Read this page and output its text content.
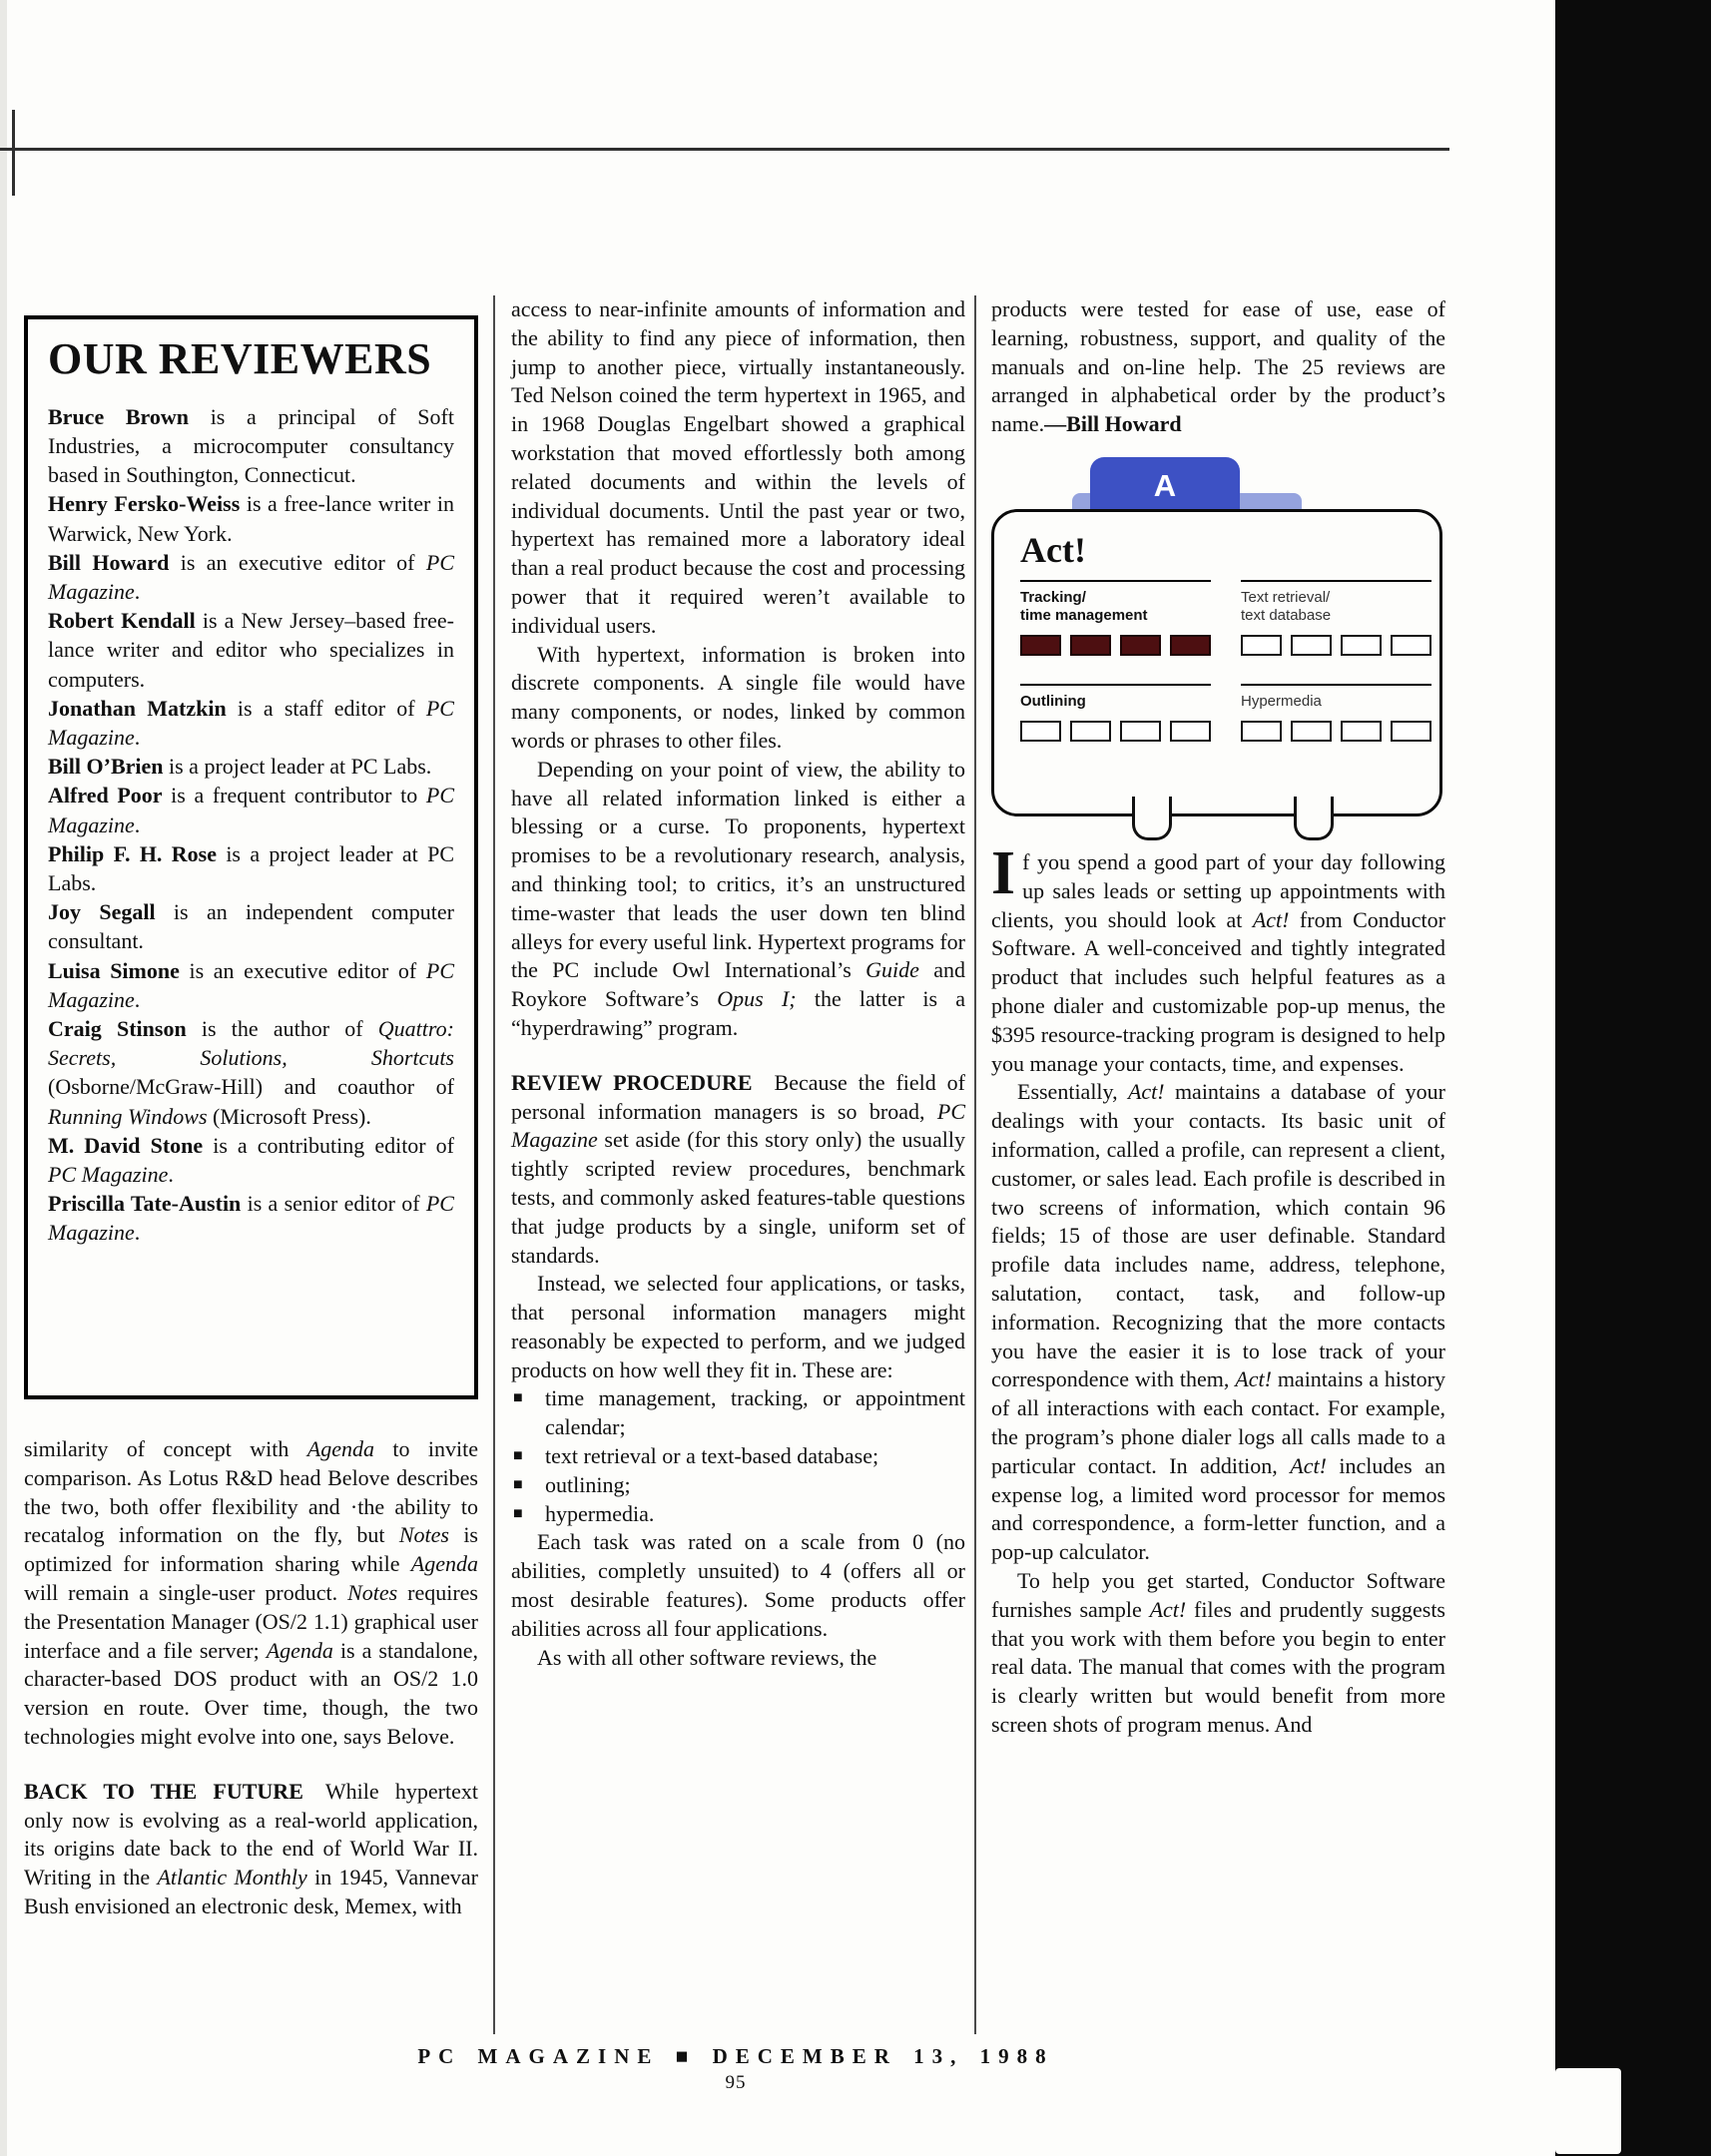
OUR REVIEWERS

Bruce Brown is a principal of Soft Industries, a microcomputer consultancy based in Southington, Connecticut.

Henry Fersko-Weiss is a free-lance writer in Warwick, New York.

Bill Howard is an executive editor of PC Magazine.

Robert Kendall is a New Jersey–based free-lance writer and editor who specializes in computers.

Jonathan Matzkin is a staff editor of PC Magazine.

Bill O’Brien is a project leader at PC Labs.

Alfred Poor is a frequent contributor to PC Magazine.

Philip F. H. Rose is a project leader at PC Labs.

Joy Segall is an independent computer consultant.

Luisa Simone is an executive editor of PC Magazine.

Craig Stinson is the author of Quattro: Secrets, Solutions, Shortcuts (Osborne/McGraw-Hill) and coauthor of Running Windows (Microsoft Press).

M. David Stone is a contributing editor of PC Magazine.

Priscilla Tate-Austin is a senior editor of PC Magazine.

similarity of concept with Agenda to invite comparison. As Lotus R&D head Belove describes the two, both offer flexibility and ·the ability to recatalog information on the fly, but Notes is optimized for information sharing while Agenda will remain a single-user product. Notes requires the Presentation Manager (OS/2 1.1) graphical user interface and a file server; Agenda is a standalone, character-based DOS product with an OS/2 1.0 version en route. Over time, though, the two technologies might evolve into one, says Belove.

BACK TO THE FUTURE While hypertext only now is evolving as a real-world application, its origins date back to the end of World War II. Writing in the Atlantic Monthly in 1945, Vannevar Bush envisioned an electronic desk, Memex, with

access to near-infinite amounts of information and the ability to find any piece of information, then jump to another piece, virtually instantaneously. Ted Nelson coined the term hypertext in 1965, and in 1968 Douglas Engelbart showed a graphical workstation that moved effortlessly both among related documents and within the levels of individual documents. Until the past year or two, hypertext has remained more a laboratory ideal than a real product because the cost and processing power that it required weren’t available to individual users.

With hypertext, information is broken into discrete components. A single file would have many components, or nodes, linked by common words or phrases to other files.

Depending on your point of view, the ability to have all related information linked is either a blessing or a curse. To proponents, hypertext promises to be a revolutionary research, analysis, and thinking tool; to critics, it’s an unstructured time-waster that leads the user down ten blind alleys for every useful link. Hypertext programs for the PC include Owl International’s Guide and Roykore Software’s Opus I; the latter is a “hyperdrawing” program.

REVIEW PROCEDURE Because the field of personal information managers is so broad, PC Magazine set aside (for this story only) the usually tightly scripted review procedures, benchmark tests, and commonly asked features-table questions that judge products by a single, uniform set of standards.

Instead, we selected four applications, or tasks, that personal information managers might reasonably be expected to perform, and we judged products on how well they fit in. These are:

■ time management, tracking, or appointment calendar;

■ text retrieval or a text-based database;

■ outlining;

■ hypermedia.

Each task was rated on a scale from 0 (no abilities, completly unsuited) to 4 (offers all or most desirable features). Some products offer abilities across all four applications.

As with all other software reviews, the

products were tested for ease of use, ease of learning, robustness, support, and quality of the manuals and on-line help. The 25 reviews are arranged in alphabetical order by the product’s name.—Bill Howard

A
Act!
Tracking/
time management
Text retrieval/
text database
Outlining	Hypermedia

If you spend a good part of your day following up sales leads or setting up appointments with clients, you should look at Act! from Conductor Software. A well-conceived and tightly integrated product that includes such helpful features as a phone dialer and customizable pop-up menus, the $395 resource-tracking program is designed to help you manage your contacts, time, and expenses.

Essentially, Act! maintains a database of your dealings with your contacts. Its basic unit of information, called a profile, can represent a client, customer, or sales lead. Each profile is described in two screens of information, which contain 96 fields; 15 of those are user definable. Standard profile data includes name, address, telephone, salutation, contact, task, and follow-up information. Recognizing that the more contacts you have the easier it is to lose track of your correspondence with them, Act! maintains a history of all interactions with each contact. For example, the program’s phone dialer logs all calls made to a particular contact. In addition, Act! includes an expense log, a limited word processor for memos and correspondence, a form-letter function, and a pop-up calculator.

To help you get started, Conductor Software furnishes sample Act! files and prudently suggests that you work with them before you begin to enter real data. The manual that comes with the program is clearly written but would benefit from more screen shots of program menus. And

PC MAGAZINE ■ DECEMBER 13, 1988
95
